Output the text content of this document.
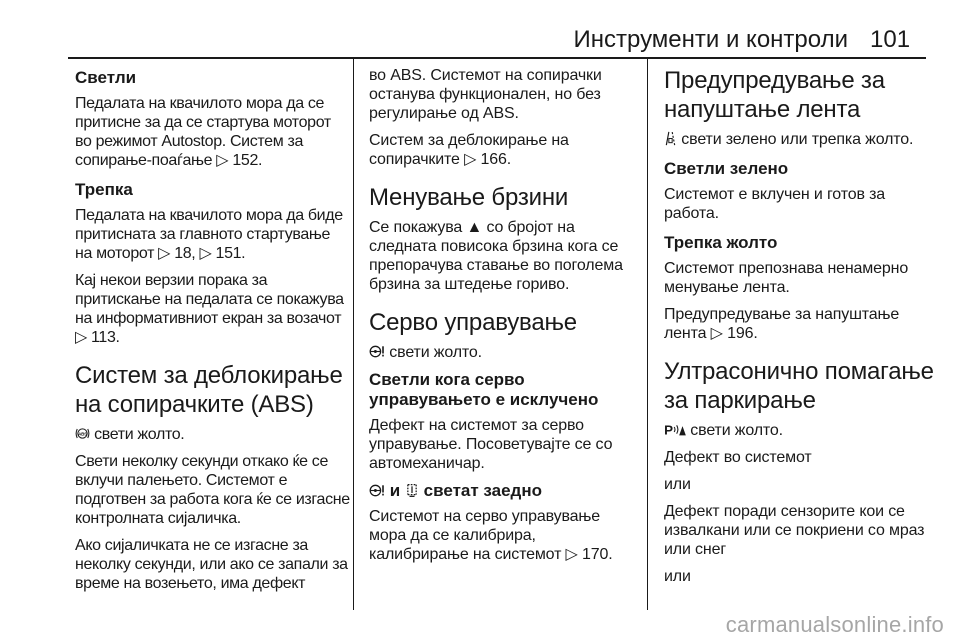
Инструменти и контроли 101
Светли
Педалата на квачилото мора да се притисне за да се стартува моторот во режимот Autostop. Систем за сопирање-поаѓање ▷ 152.
Трепка
Педалата на квачилото мора да биде притисната за главното стартување на моторот ▷ 18, ▷ 151.
Кај некои верзии порака за притискање на педалата се покажува на информативниот екран за возачот ▷ 113.
Систем за деблокирање на сопирачките (ABS)
ABS свети жолто.
Свети неколку секунди откако ќе се вклучи палењето. Системот е подготвен за работа кога ќе се изгасне контролната сијаличка.
Ако сијаличката не се изгасне за неколку секунди, или ако се запали за време на возењето, има дефект
во ABS. Системот на сопирачки останува функционален, но без регулирање од ABS.
Систем за деблокирање на сопирачките ▷ 166.
Менување брзини
Се покажува ▲ со бројот на следната повисока брзина кога се препорачува ставање во поголема брзина за штедење гориво.
Серво управување
свети жолто.
Светли кога серво управувањето е исклучено
Дефект на системот за серво управување. Посоветувајте се со автомеханичар.
и  светат заедно
Системот на серво управување мора да се калибрира, калибрирање на системот ▷ 170.
Предупредување за напуштање лента
свети зелено или трепка жолто.
Светли зелено
Системот е вклучен и готов за работа.
Трепка жолто
Системот препознава ненамерно менување лента.
Предупредување за напуштање лента ▷ 196.
Ултрасонично помагање за паркирање
P свети жолто.
Дефект во системот
или
Дефект поради сензорите кои се извалкани или се покриени со мраз или снег
или
carmanualsonline.info
